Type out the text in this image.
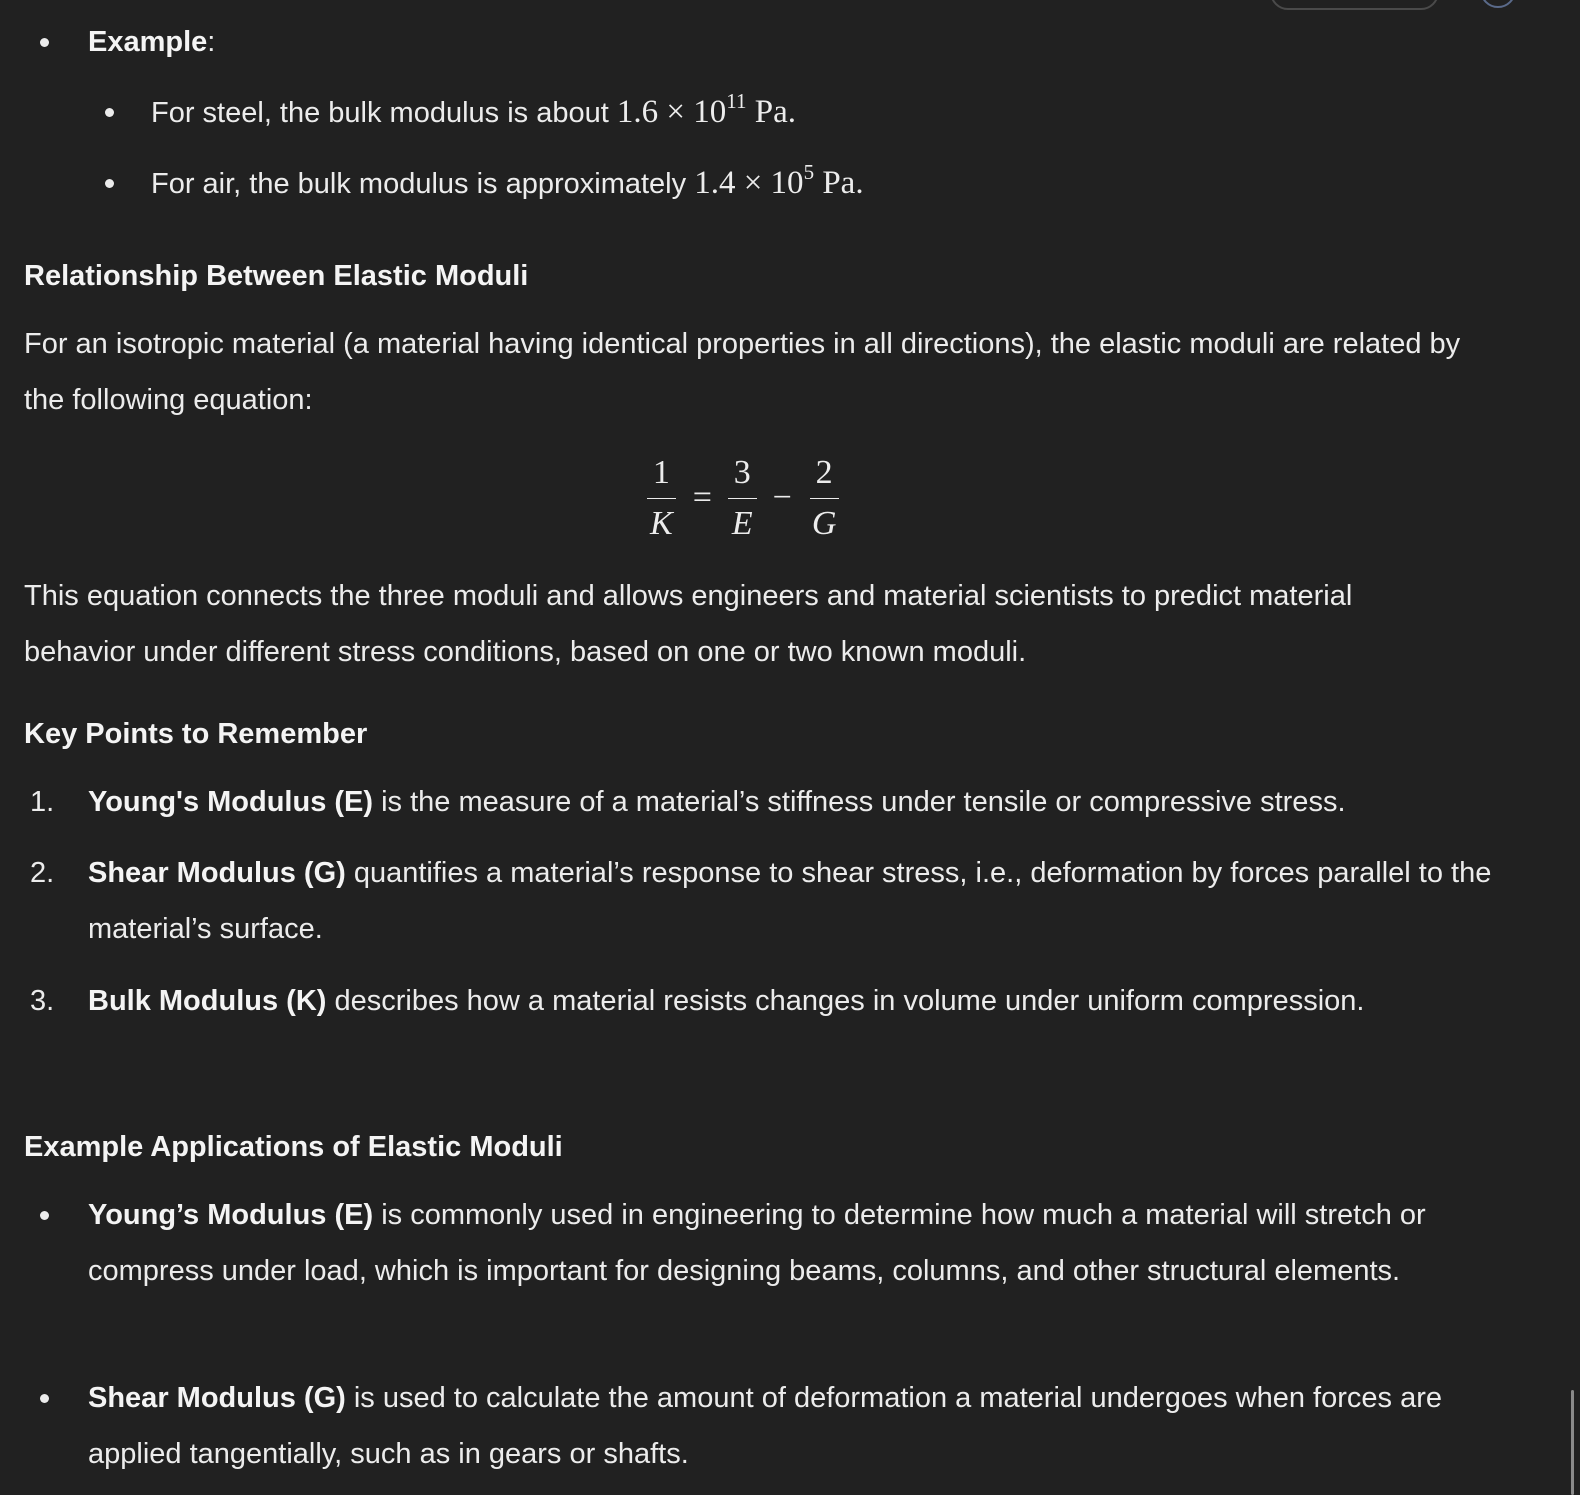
Example:
For steel, the bulk modulus is about $1.6 \times 10^{11}$ Pa.
For air, the bulk modulus is approximately $1.4 \times 10^5$ Pa.
Relationship Between Elastic Moduli

For an isotropic material (a material having identical properties in all directions), the elastic moduli are related by the following equation:

Key Points to Remember
1. Young's Modulus (E) is the measure of a material’s stiffness under tensile or compressive stress.
2. Shear Modulus (G) quantifies a material’s response to shear stress, i.e., deformation by forces parallel to the material’s surface.
3. Bulk Modulus (K) describes how a material resists changes in volume under uniform compression.
Example Applications of Elastic Moduli
Young’s Modulus (E) is commonly used in engineering to determine how much a material will stretch or compress under load, which is important for designing beams, columns, and other structural elements.
Shear Modulus (G) is used to calculate the amount of deformation a material undergoes when forces are applied tangentially, such as in gears or shafts.

This equation connects the three moduli and allows engineers and material scientists to predict material behavior under different stress conditions, based on one or two known moduli.

$\frac{1}{K} = \frac{3}{E} - \frac{2}{G}$
